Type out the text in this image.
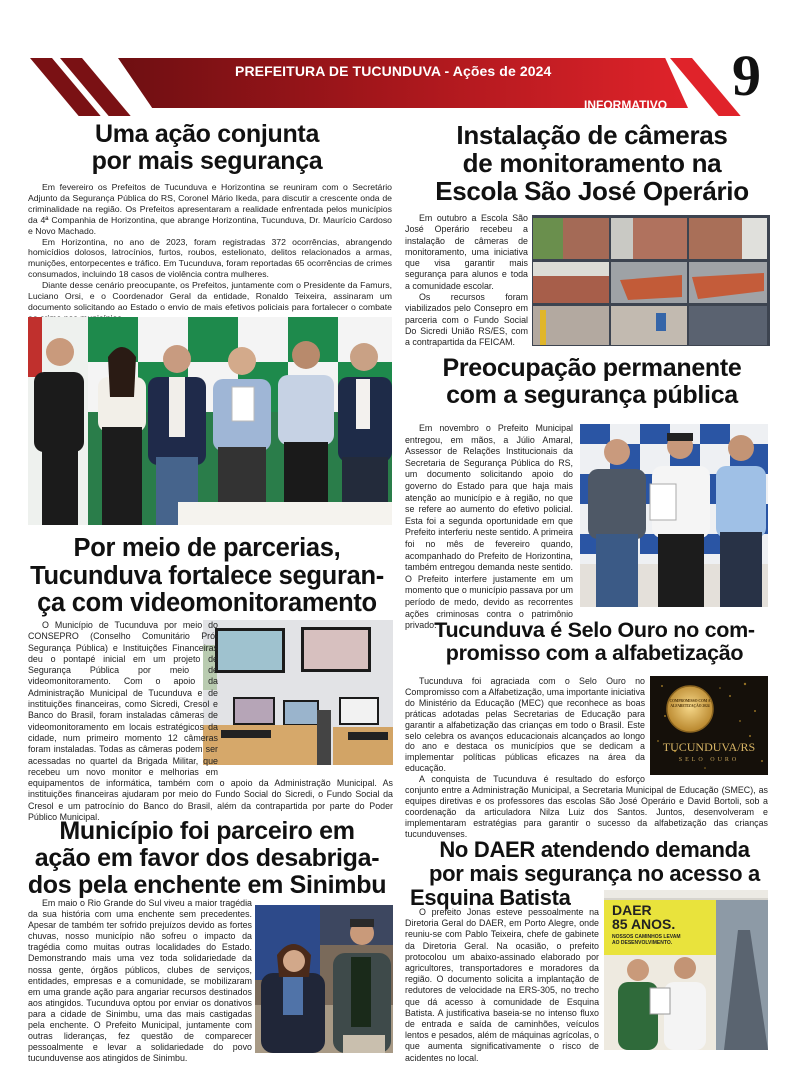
PREFEITURA DE TUCUNDUVA - Ações de 2024
INFORMATIVO 9
Uma ação conjunta
por mais segurança

Em fevereiro os Prefeitos de Tucunduva e Horizontina se reuniram com o Secretário Adjunto da Segurança Pública do RS, Coronel Mário Ikeda, para discutir a crescente onda de criminalidade na região. Os Prefeitos apresentaram a realidade enfrentada pelos municípios da 4ª Companhia de Horizontina, que abrange Horizontina, Tucunduva, Dr. Maurício Cardoso e Novo Machado.

Em Horizontina, no ano de 2023, foram registradas 372 ocorrências, abrangendo homicídios dolosos, latrocínios, furtos, roubos, estelionato, delitos relacionados a armas, munições, entorpecentes e tráfico. Em Tucunduva, foram reportadas 65 ocorrências de crimes consumados, incluindo 18 casos de violência contra mulheres.

Diante desse cenário preocupante, os Prefeitos, juntamente com o Presidente da Famurs, Luciano Orsi, e o Coordenador Geral da entidade, Ronaldo Teixeira, assinaram um documento solicitando ao Estado o envio de mais efetivos policiais para fortalecer o combate

Instalação de câmeras
de monitoramento na
Escola São José Operário

Em outubro a Escola São José Operário recebeu a instalação de câmeras de monitoramento, uma iniciativa que visa garantir mais segurança para alunos e toda a comunidade escolar.

Os recursos foram viabilizados pelo Consepro em parceria com o Fundo Social Do Sicredi União RS/ES, com a contrapartida da FEICAM.

Preocupação permanente
com a segurança pública

Em novembro o Prefeito Municipal entregou, em mãos, a Júlio Amaral, Assessor de Relações Institucionais da Secretaria de Segurança Pública do RS, um documento solicitando apoio do governo do Estado para que haja mais atenção ao município e à região, no que se refere ao aumento do efetivo policial. Esta foi a segunda oportunidade em que Prefeito interferiu neste sentido. A primeira foi no mês de fevereiro quando, acompanhado do Prefeito de Horizontina, também entregou demanda neste sentido. O Prefeito interfere justamente em um momento que o município passava por um período de medo, devido as recorrentes ações criminosas contra o patrimônio privado.

Por meio de parcerias,
Tucunduva fortalece seguran-
ça com videomonitoramento

O Município de Tucunduva por meio do CONSEPRO (Conselho Comunitário Pró-Segurança Pública) e Instituições Financeiras deu o pontapé inicial em um projeto de Segurança Pública por meio de videomonitoramento. Com o apoio da Administração Municipal de Tucunduva e de instituições financeiras, como Sicredi, Cresol e Banco do Brasil, foram instaladas câmeras de videomonitoramento em locais estratégicos da cidade, num primeiro momento 12 câmeras foram instaladas. Todas as câmeras podem ser acessadas no quartel da Brigada Militar, que recebeu um novo monitor e melhorias em equipamentos de informática, também com o apoio da Administração Municipal. As instituições financeiras ajudaram por meio do Fundo Social do Sicredi, o Fundo Social da Cresol e um patrocínio do Banco do Brasil, além da contrapartida por parte do Poder Público Municipal.

Tucunduva é Selo Ouro no com-
promisso com a alfabetização
COMPROMISSO COM A ALFABETIZAÇÃO 2024
TUCUNDUVA/RS
SELO OURO

Tucunduva foi agraciada com o Selo Ouro no Compromisso com a Alfabetização, uma importante iniciativa do Ministério da Educação (MEC) que reconhece as boas práticas adotadas pelas Secretarias de Educação para garantir a alfabetização das crianças em todo o Brasil. Este selo celebra os avanços educacionais alcançados ao longo do ano e destaca os municípios que se dedicam a implementar políticas públicas eficazes na área da educação.

A conquista de Tucunduva é resultado do esforço conjunto entre a Administração Municipal, a Secretaria Municipal de Educação (SMEC), as equipes diretivas e os professores das escolas São José Operário e David Bortoli, sob a coordenação da articuladora Nilza Luiz dos Santos. Juntos, desenvolveram e implementaram estratégias para garantir o sucesso da alfabetização das crianças tucunduvenses.

Município foi parceiro em
ação em favor dos desabriga-
dos pela enchente em Sinimbu

Em maio o Rio Grande do Sul viveu a maior tragédia da sua história com uma enchente sem precedentes. Apesar de também ter sofrido prejuízos devido as fortes chuvas, nosso município não sofreu o impacto da tragédia como muitas outras localidades do Estado. Demonstrando mais uma vez toda solidariedade da nossa gente, órgãos públicos, clubes de serviços, entidades, empresas e a comunidade, se mobilizaram em uma grande ação para angariar recursos destinados aos atingidos. Tucunduva optou por enviar os donativos para a cidade de Sinimbu, uma das mais castigadas pela enchente. O Prefeito Municipal, juntamente com outras lideranças, fez questão de comparecer pessoalmente e levar a solidariedade do povo tucunduvense aos atingidos de Sinimbu.

No DAER atendendo demanda
por mais segurança no acesso a
Esquina Batista
DAER
85 ANOS.
NOSSOS CAMINHOS LEVAM
AO DESENVOLVIMENTO.

O prefeito Jonas esteve pessoalmente na Diretoria Geral do DAER, em Porto Alegre, onde reuniu-se com Pablo Teixeira, chefe de gabinete da Diretoria Geral. Na ocasião, o prefeito protocolou um abaixo-assinado elaborado por agricultores, transportadores e moradores da região. O documento solicita a implantação de redutores de velocidade na ERS-305, no trecho que dá acesso à comunidade de Esquina Batista. A justificativa baseia-se no intenso fluxo de entrada e saída de caminhões, veículos lentos e pesados, além de máquinas agrícolas, o que aumenta significativamente o risco de acidentes no local.
